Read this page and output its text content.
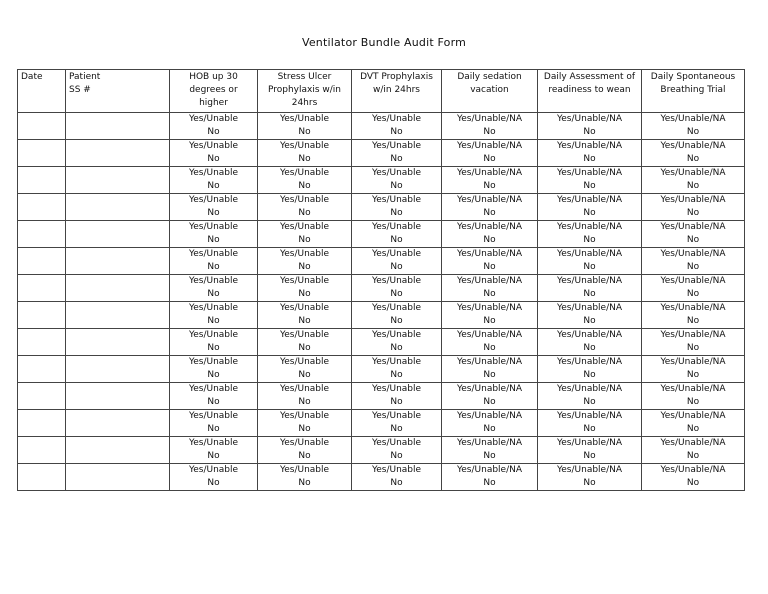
Ventilator Bundle Audit Form
Date	Patient
SS #	HOB up 30
degrees or
higher	Stress Ulcer
Prophylaxis w/in
24hrs	DVT Prophylaxis
w/in 24hrs	Daily sedation
vacation	Daily Assessment of
readiness to wean	Daily Spontaneous
Breathing Trial

		Yes/Unable
No	Yes/Unable
No	Yes/Unable
No	Yes/Unable/NA
No	Yes/Unable/NA
No	Yes/Unable/NA
No

		Yes/Unable
No	Yes/Unable
No	Yes/Unable
No	Yes/Unable/NA
No	Yes/Unable/NA
No	Yes/Unable/NA
No

		Yes/Unable
No	Yes/Unable
No	Yes/Unable
No	Yes/Unable/NA
No	Yes/Unable/NA
No	Yes/Unable/NA
No

		Yes/Unable
No	Yes/Unable
No	Yes/Unable
No	Yes/Unable/NA
No	Yes/Unable/NA
No	Yes/Unable/NA
No

		Yes/Unable
No	Yes/Unable
No	Yes/Unable
No	Yes/Unable/NA
No	Yes/Unable/NA
No	Yes/Unable/NA
No

		Yes/Unable
No	Yes/Unable
No	Yes/Unable
No	Yes/Unable/NA
No	Yes/Unable/NA
No	Yes/Unable/NA
No

		Yes/Unable
No	Yes/Unable
No	Yes/Unable
No	Yes/Unable/NA
No	Yes/Unable/NA
No	Yes/Unable/NA
No

		Yes/Unable
No	Yes/Unable
No	Yes/Unable
No	Yes/Unable/NA
No	Yes/Unable/NA
No	Yes/Unable/NA
No

		Yes/Unable
No	Yes/Unable
No	Yes/Unable
No	Yes/Unable/NA
No	Yes/Unable/NA
No	Yes/Unable/NA
No

		Yes/Unable
No	Yes/Unable
No	Yes/Unable
No	Yes/Unable/NA
No	Yes/Unable/NA
No	Yes/Unable/NA
No

		Yes/Unable
No	Yes/Unable
No	Yes/Unable
No	Yes/Unable/NA
No	Yes/Unable/NA
No	Yes/Unable/NA
No

		Yes/Unable
No	Yes/Unable
No	Yes/Unable
No	Yes/Unable/NA
No	Yes/Unable/NA
No	Yes/Unable/NA
No

		Yes/Unable
No	Yes/Unable
No	Yes/Unable
No	Yes/Unable/NA
No	Yes/Unable/NA
No	Yes/Unable/NA
No

		Yes/Unable
No	Yes/Unable
No	Yes/Unable
No	Yes/Unable/NA
No	Yes/Unable/NA
No	Yes/Unable/NA
No
